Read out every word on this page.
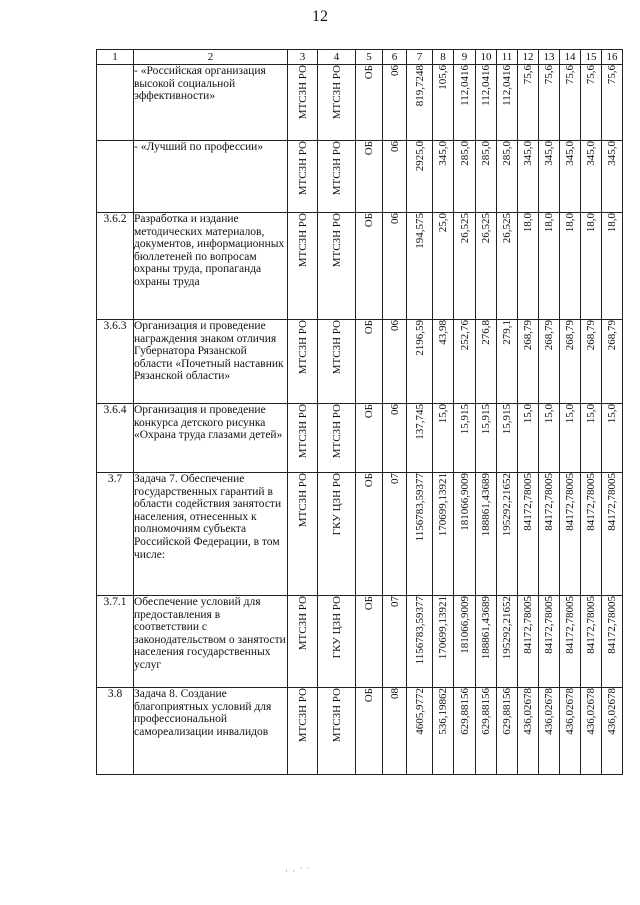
12
1	2	3	4	5	6	7	8	9	10	11	12	13	14	15	16
	- «Российская организация высокой социальной эффективности»	МТСЗН РО	МТСЗН РО	ОБ	06	819,7248	105,6	112,0416	112,0416	112,0416	75,6	75,6	75,6	75,6	75,6

	- «Лучший по профессии»	МТСЗН РО	МТСЗН РО	ОБ	06	2925,0	345,0	285,0	285,0	285,0	345,0	345,0	345,0	345,0	345,0

3.6.2	Разработка и издание методических материалов, документов, информационных бюллетеней по вопросам охраны труда, пропаганда охраны труда	МТСЗН РО	МТСЗН РО	ОБ	06	194,575	25,0	26,525	26,525	26,525	18,0	18,0	18,0	18,0	18,0

3.6.3	Организация и проведение награждения знаком отличия Губернатора Рязанской области «Почетный наставник Рязанской области»	МТСЗН РО	МТСЗН РО	ОБ	06	2196,59	43,98	252,76	276,8	279,1	268,79	268,79	268,79	268,79	268,79

3.6.4	Организация и проведение конкурса детского рисунка «Охрана труда глазами детей»	МТСЗН РО	МТСЗН РО	ОБ	06	137,745	15,0	15,915	15,915	15,915	15,0	15,0	15,0	15,0	15,0

3.7	Задача 7. Обеспечение государственных гарантий в области содействия занятости населения, отнесенных к полномочиям субъекта Российской Федерации, в том числе:	МТСЗН РО	ГКУ ЦЗН РО	ОБ	07	1156783,59377	170699,13921	181066,9009	188861,43689	195292,21652	84172,78005	84172,78005	84172,78005	84172,78005	84172,78005

3.7.1	Обеспечение условий для предоставления в соответствии с законодательством о занятости населения государственных услуг	МТСЗН РО	ГКУ ЦЗН РО	ОБ	07	1156783,59377	170699,13921	181066,9009	188861,43689	195292,21652	84172,78005	84172,78005	84172,78005	84172,78005	84172,78005

3.8	Задача 8. Создание благоприятных условий для профессиональной самореализации инвалидов	МТСЗН РО	МТСЗН РО	ОБ	08	4605,9772	536,19862	629,88156	629,88156	629,88156	436,02678	436,02678	436,02678	436,02678	436,02678
· · ˙ ˙
